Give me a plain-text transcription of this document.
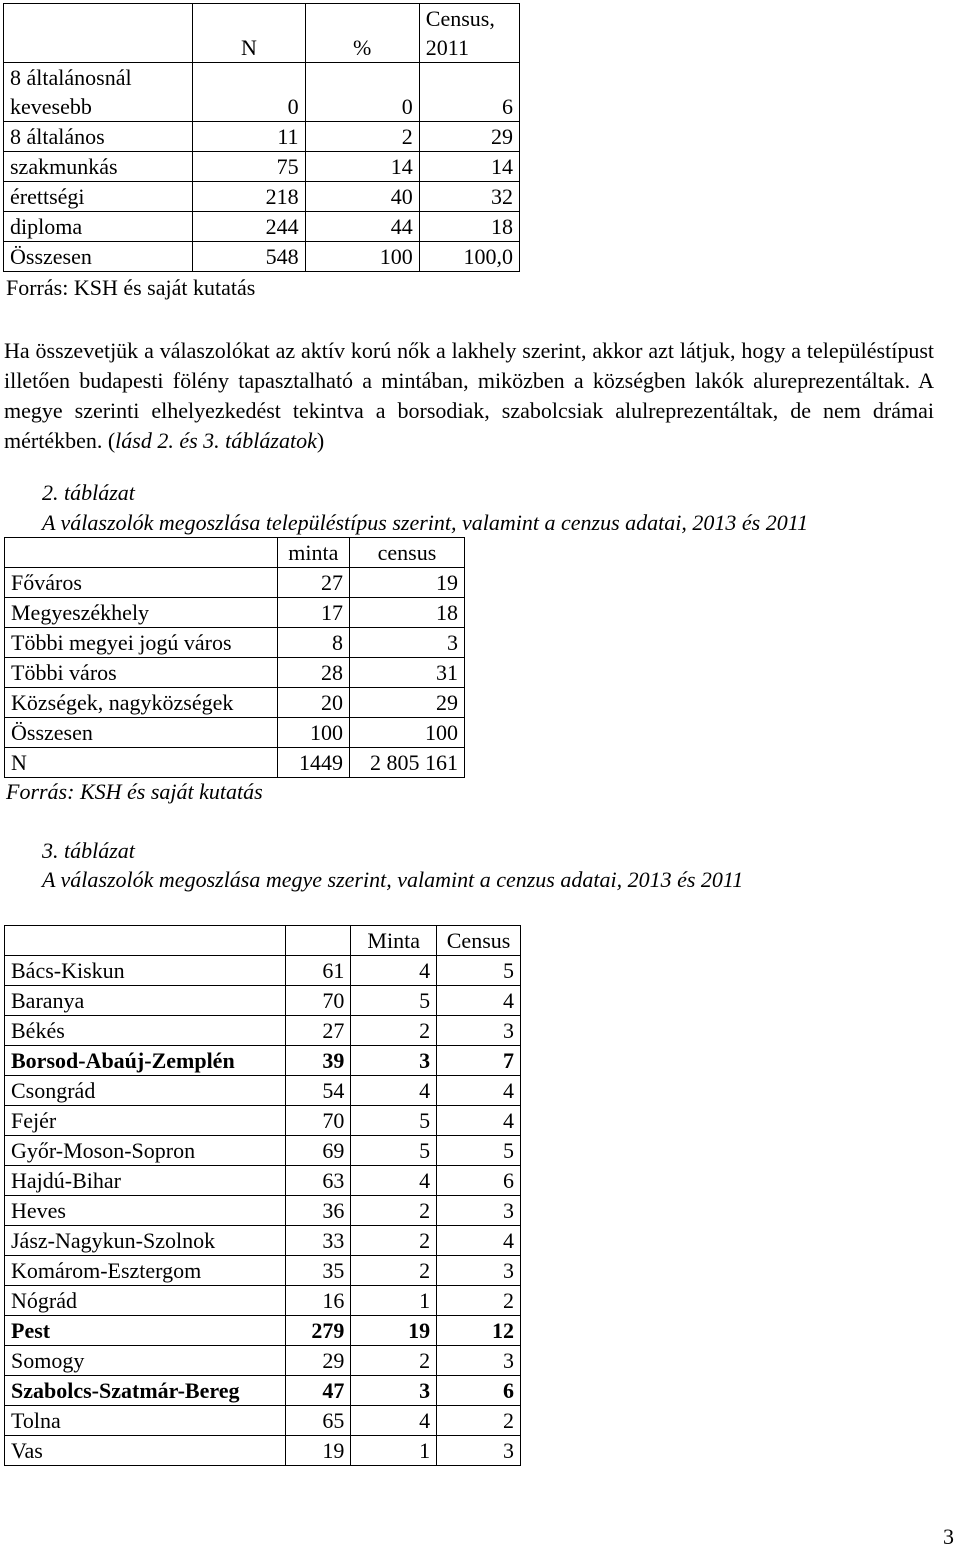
	N	%	Census, 2011
8 általánosnál kevesebb	0	0	6
8 általános	11	2	29
szakmunkás	75	14	14
érettségi	218	40	32
diploma	244	44	18
Összesen	548	100	100,0
Forrás: KSH és saját kutatás
Ha összevetjük a válaszolókat az aktív korú nők a lakhely szerint, akkor azt látjuk, hogy a településtípust illetően budapesti fölény tapasztalható a mintában, miközben a községben lakók alureprezentáltak. A megye szerinti elhelyezkedést tekintva a borsodiak, szabolcsiak alulreprezentáltak, de nem drámai mértékben. (lásd 2. és 3. táblázatok)
2. táblázat
A válaszolók megoszlása településtípus szerint, valamint a cenzus adatai, 2013 és 2011
	minta	census
Főváros	27	19
Megyeszékhely	17	18
Többi megyei jogú város	8	3
Többi város	28	31
Községek, nagyközségek	20	29
Összesen	100	100
N	1449	2 805 161
Forrás: KSH és saját kutatás
3. táblázat
A válaszolók megoszlása megye szerint, valamint a cenzus adatai, 2013 és 2011
		Minta	Census
Bács-Kiskun	61	4	5
Baranya	70	5	4
Békés	27	2	3
Borsod-Abaúj-Zemplén	39	3	7
Csongrád	54	4	4
Fejér	70	5	4
Győr-Moson-Sopron	69	5	5
Hajdú-Bihar	63	4	6
Heves	36	2	3
Jász-Nagykun-Szolnok	33	2	4
Komárom-Esztergom	35	2	3
Nógrád	16	1	2
Pest	279	19	12
Somogy	29	2	3
Szabolcs-Szatmár-Bereg	47	3	6
Tolna	65	4	2
Vas	19	1	3
3
